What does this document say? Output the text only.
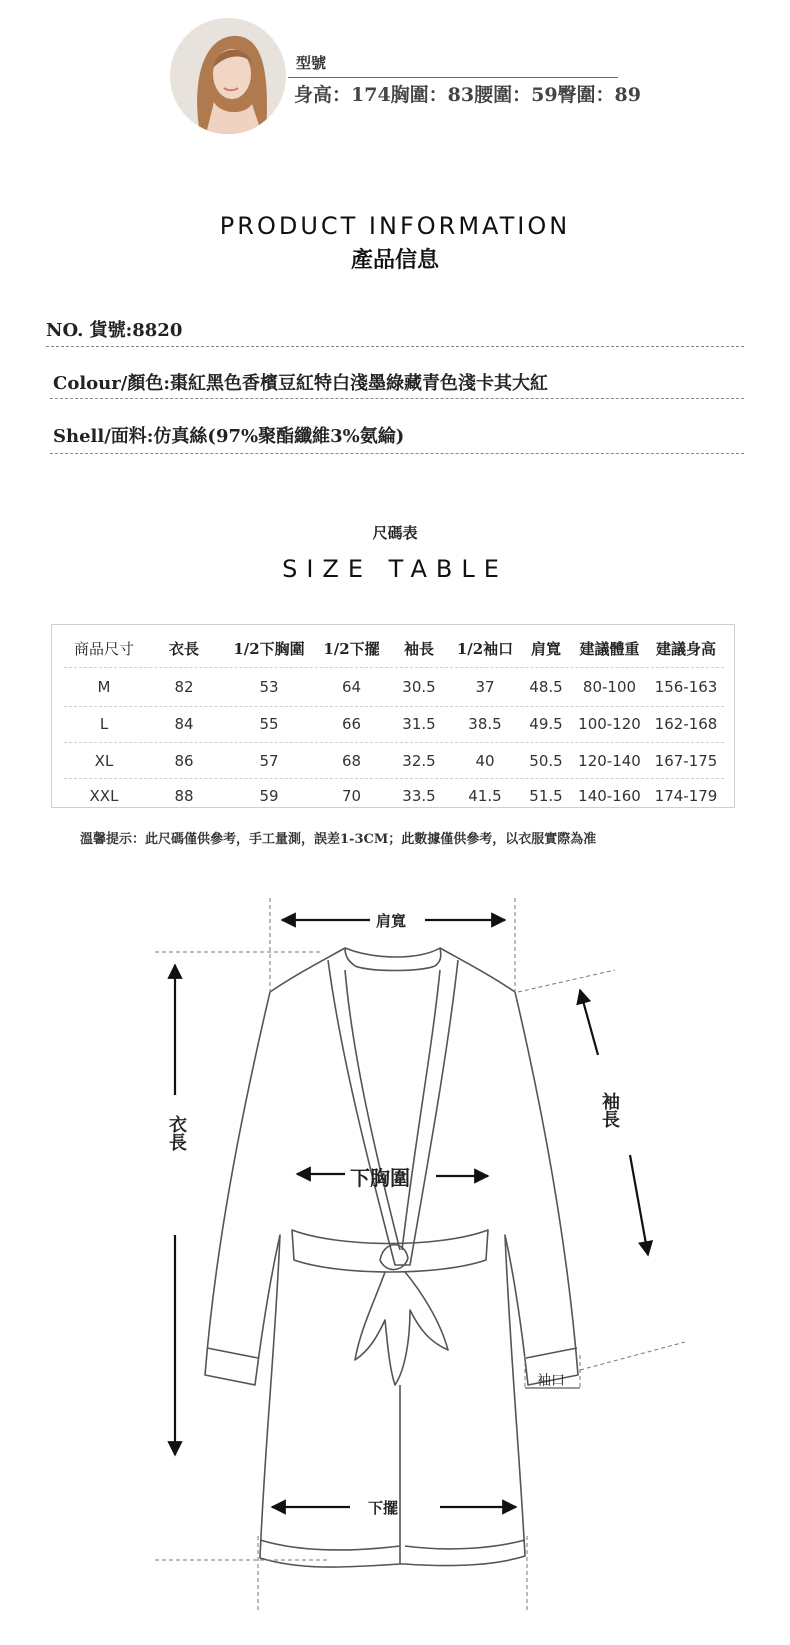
型號
身高：174胸圍：83腰圍：59臀圍：89
PRODUCT INFORMATION
產品信息
NO. 貨號:8820
Colour/顏色:棗紅黑色香檳豆紅特白淺墨綠藏青色淺卡其大紅
Shell/面料:仿真絲(97%聚酯纖維3%氨綸)
尺碼表
SIZE TABLE
商品尺寸	衣長	1/2下胸圍	1/2下擺	袖長	1/2袖口	肩寬	建議體重	建議身高
M	82	53	64	30.5	37	48.5	80-100	156-163
L	84	55	66	31.5	38.5	49.5	100-120 162-168
XL	86	57	68	32.5	40	50.5	120-140 167-175
XXL	88	59	70	33.5	41.5	51.5	140-160 174-179
溫馨提示：此尺碼僅供參考，手工量測，誤差1-3CM；此數據僅供參考，以衣服實際為准
肩寬
下胸圍
衣長
袖長
袖口
下擺
